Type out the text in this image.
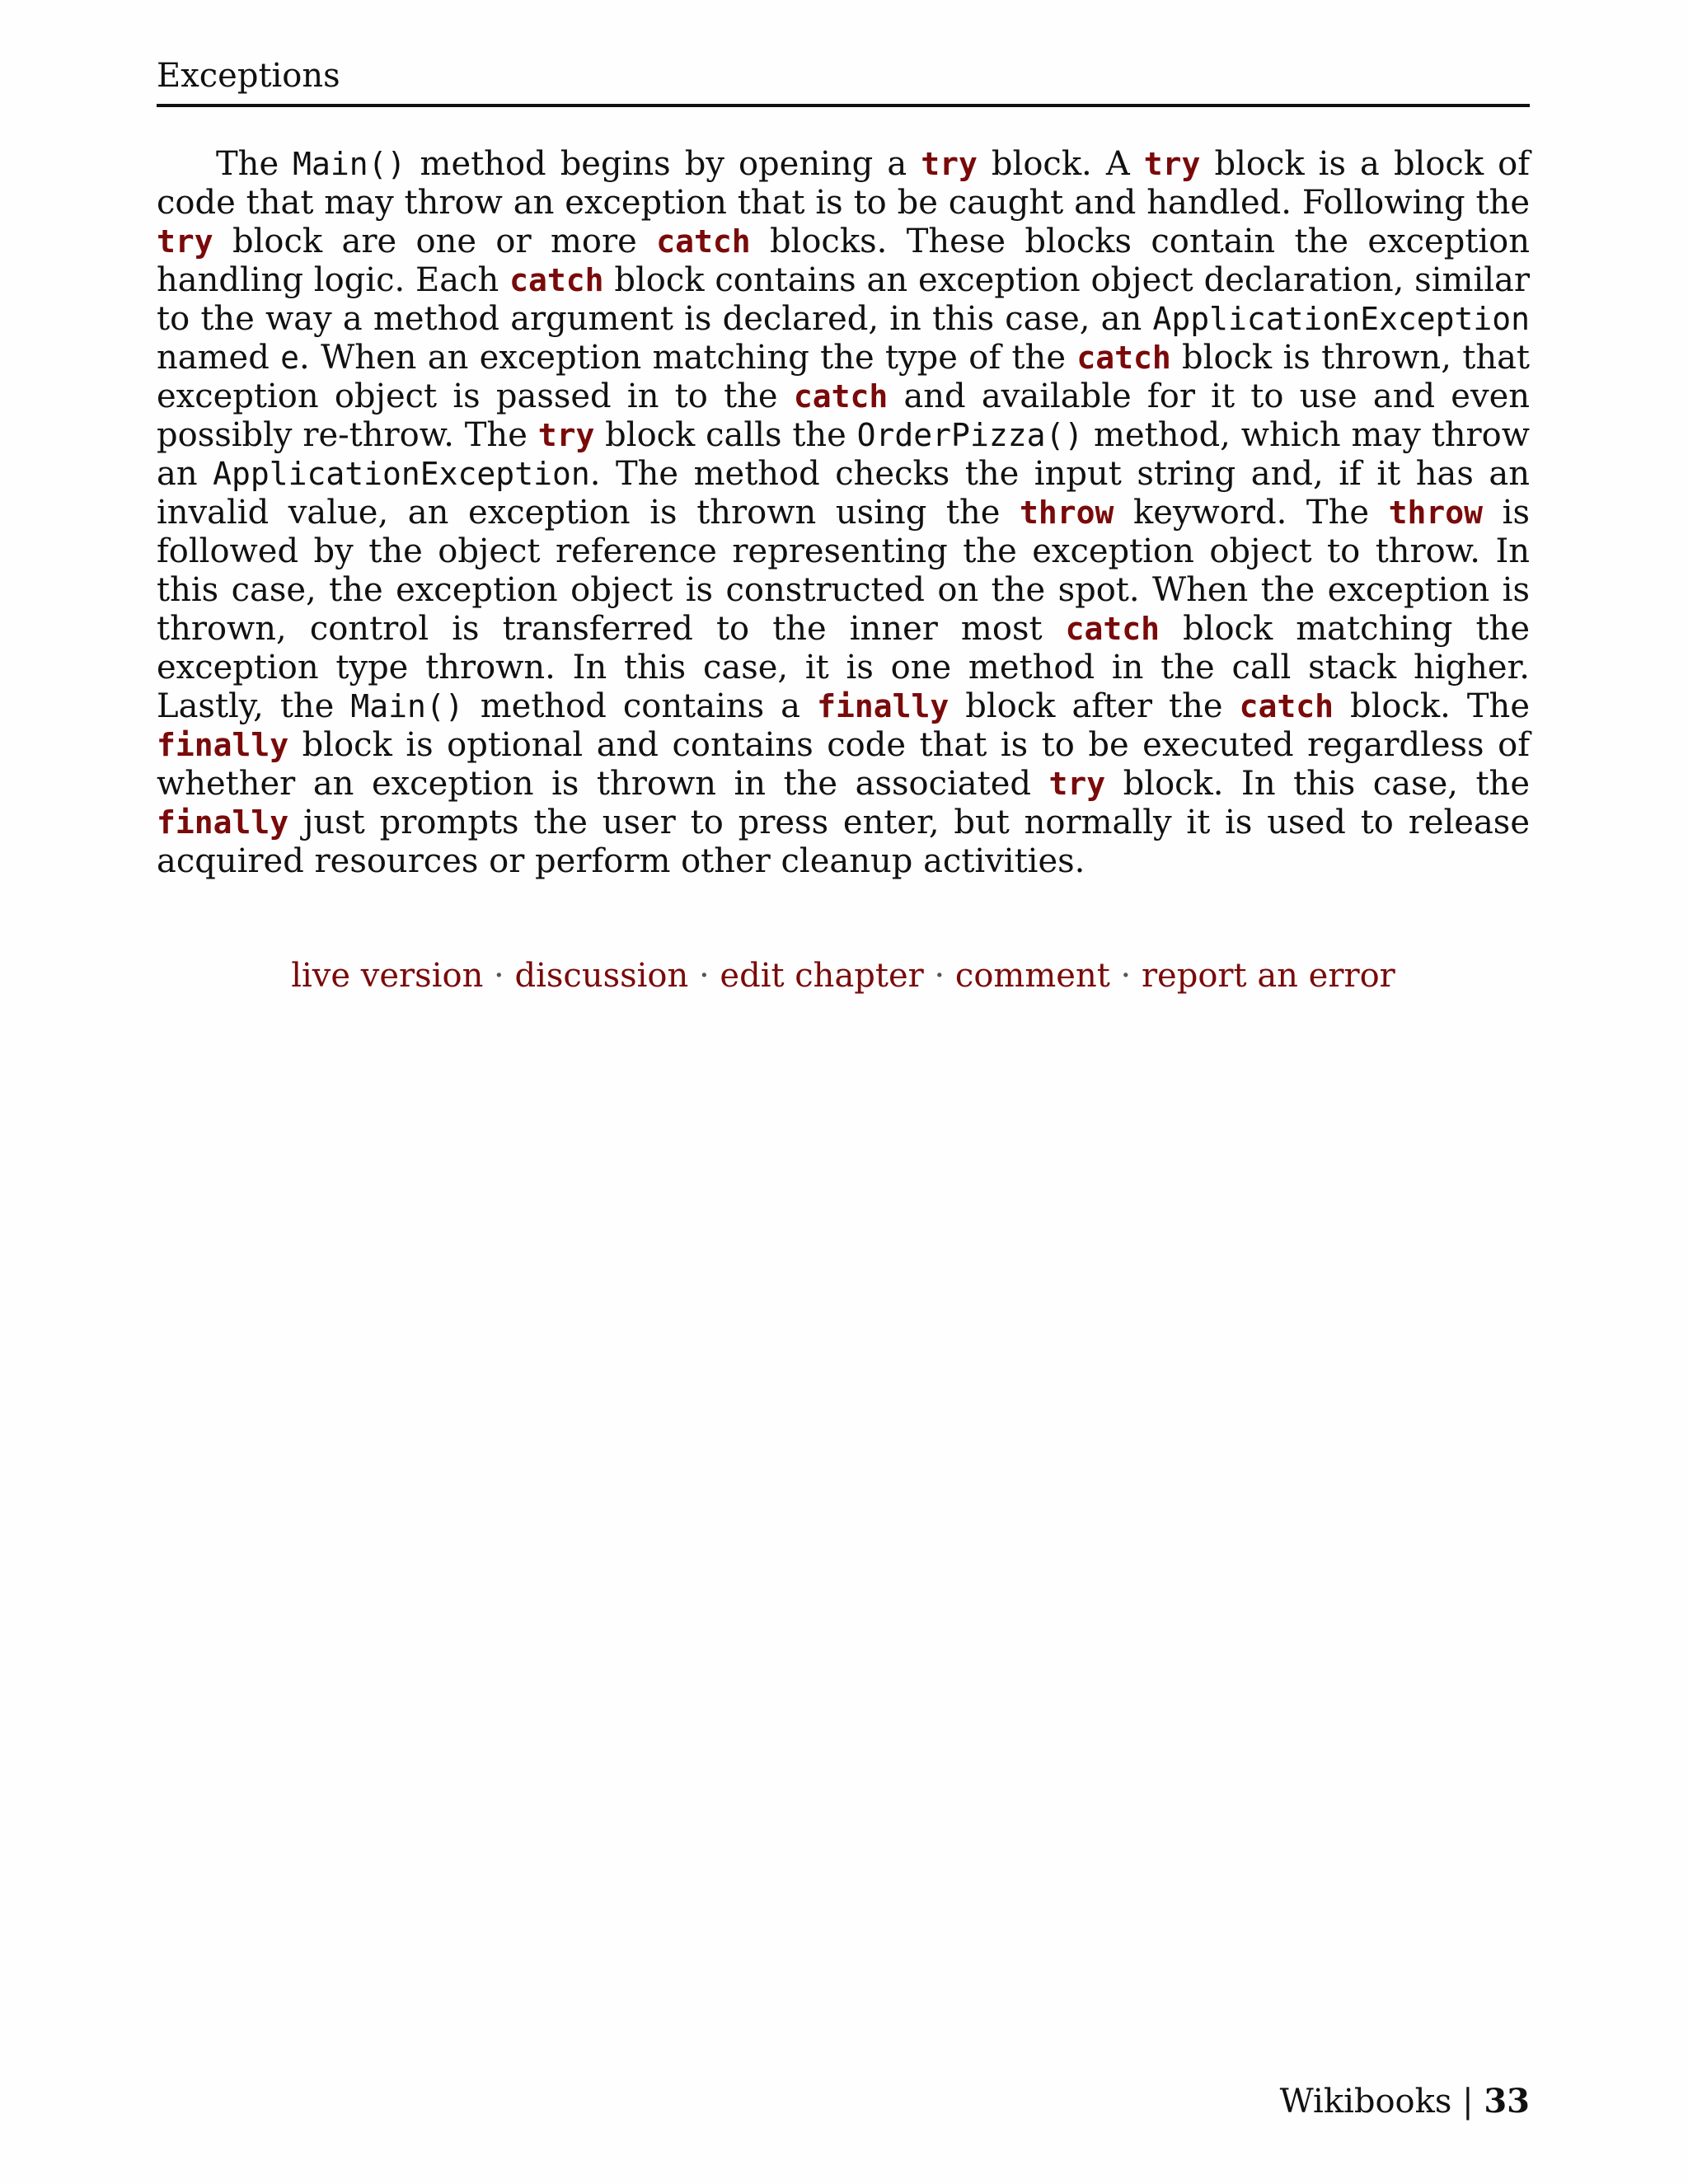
Exceptions

The Main() method begins by opening a try block. A try block is a block of code that may throw an exception that is to be caught and handled. Following the try block are one or more catch blocks. These blocks contain the exception handling logic. Each catch block contains an exception object declaration, similar to the way a method argument is declared, in this case, an ApplicationException named e. When an exception matching the type of the catch block is thrown, that exception object is passed in to the catch and available for it to use and even possibly re-throw. The try block calls the OrderPizza() method, which may throw an ApplicationException. The method checks the input string and, if it has an invalid value, an exception is thrown using the throw keyword. The throw is followed by the object reference representing the exception object to throw. In this case, the exception object is constructed on the spot. When the exception is thrown, control is transferred to the inner most catch block matching the exception type thrown. In this case, it is one method in the call stack higher. Lastly, the Main() method contains a finally block after the catch block. The finally block is optional and contains code that is to be executed regardless of whether an exception is thrown in the associated try block. In this case, the finally just prompts the user to press enter, but normally it is used to release acquired resources or perform other cleanup activities.

live version · discussion · edit chapter · comment · report an error
Wikibooks | 33
